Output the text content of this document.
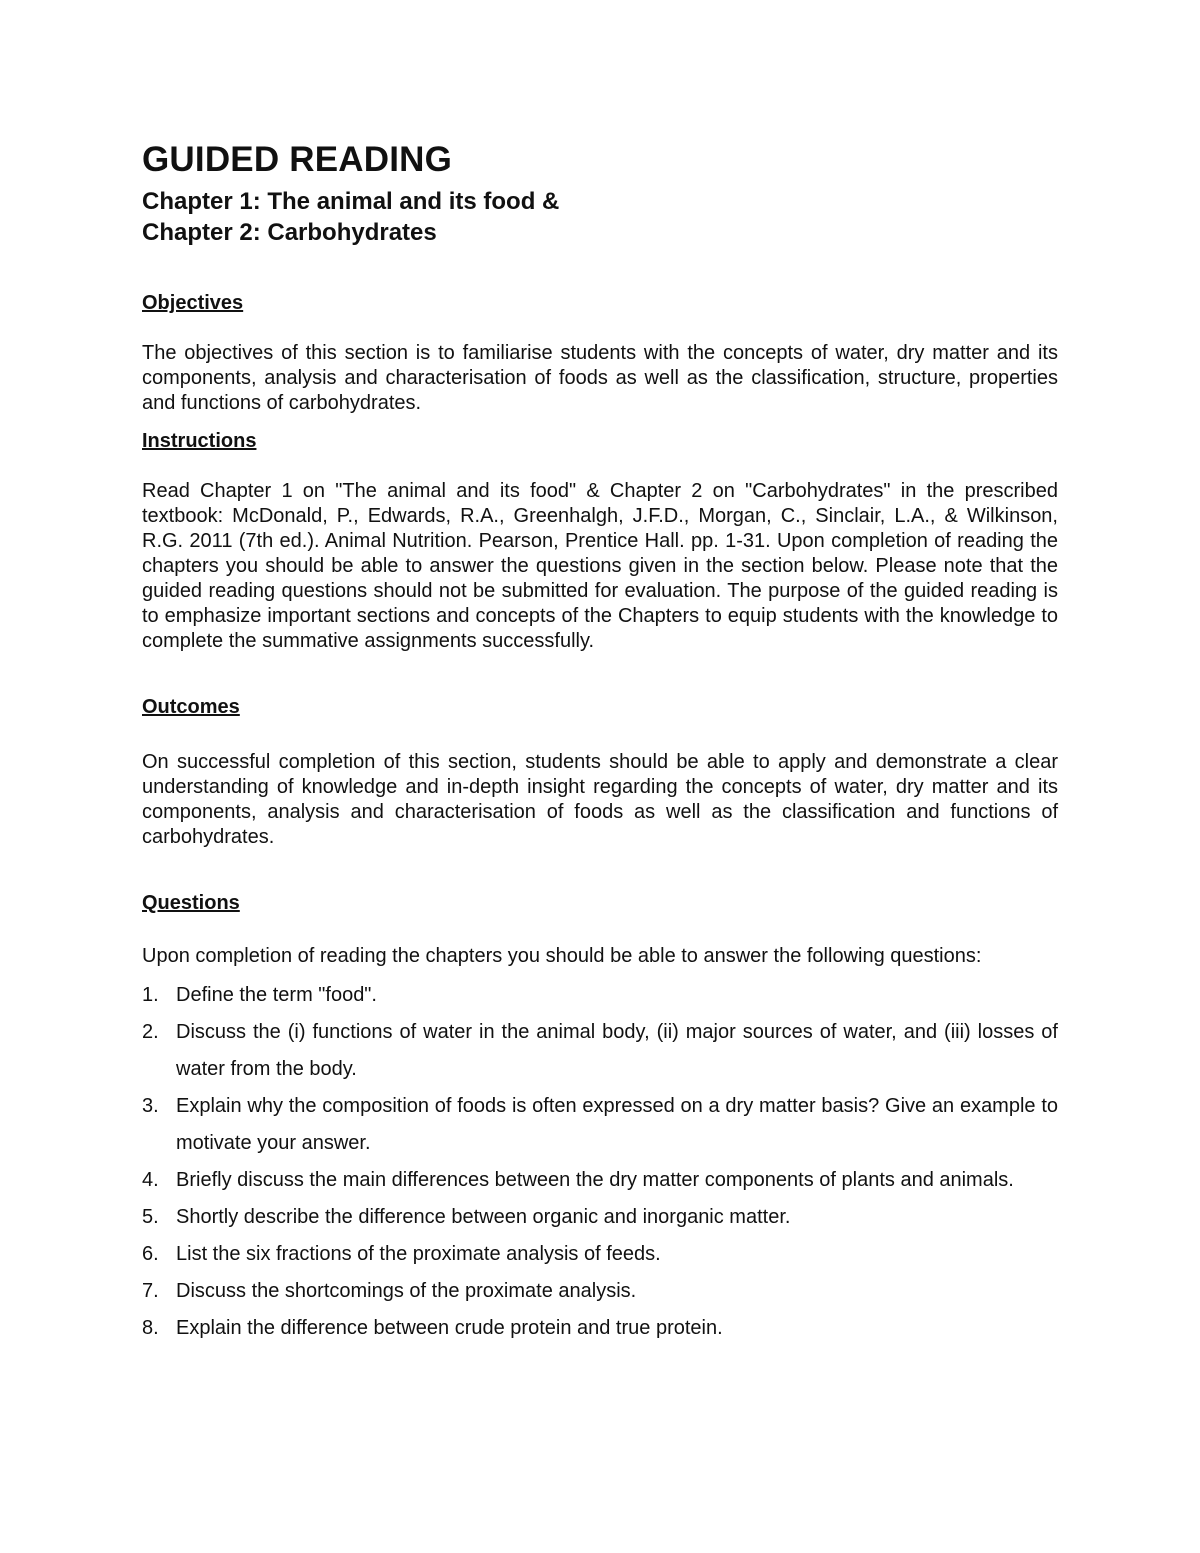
GUIDED READING

Chapter 1: The animal and its food &

Chapter 2: Carbohydrates

Objectives

The objectives of this section is to familiarise students with the concepts of water, dry matter and its components, analysis and characterisation of foods as well as the classification, structure, properties and functions of carbohydrates.

Instructions

Read Chapter 1 on "The animal and its food" & Chapter 2 on "Carbohydrates" in the prescribed textbook: McDonald, P., Edwards, R.A., Greenhalgh, J.F.D., Morgan, C., Sinclair, L.A., & Wilkinson, R.G. 2011 (7th ed.). Animal Nutrition. Pearson, Prentice Hall. pp. 1-31. Upon completion of reading the chapters you should be able to answer the questions given in the section below. Please note that the guided reading questions should not be submitted for evaluation. The purpose of the guided reading is to emphasize important sections and concepts of the Chapters to equip students with the knowledge to complete the summative assignments successfully.

Outcomes

On successful completion of this section, students should be able to apply and demonstrate a clear understanding of knowledge and in-depth insight regarding the concepts of water, dry matter and its components, analysis and characterisation of foods as well as the classification and functions of carbohydrates.

Questions

Upon completion of reading the chapters you should be able to answer the following questions:

1. Define the term "food".
2. Discuss the (i) functions of water in the animal body, (ii) major sources of water, and (iii) losses of water from the body.
3. Explain why the composition of foods is often expressed on a dry matter basis? Give an example to motivate your answer.
4. Briefly discuss the main differences between the dry matter components of plants and animals.
5. Shortly describe the difference between organic and inorganic matter.
6. List the six fractions of the proximate analysis of feeds.
7. Discuss the shortcomings of the proximate analysis.
8. Explain the difference between crude protein and true protein.
